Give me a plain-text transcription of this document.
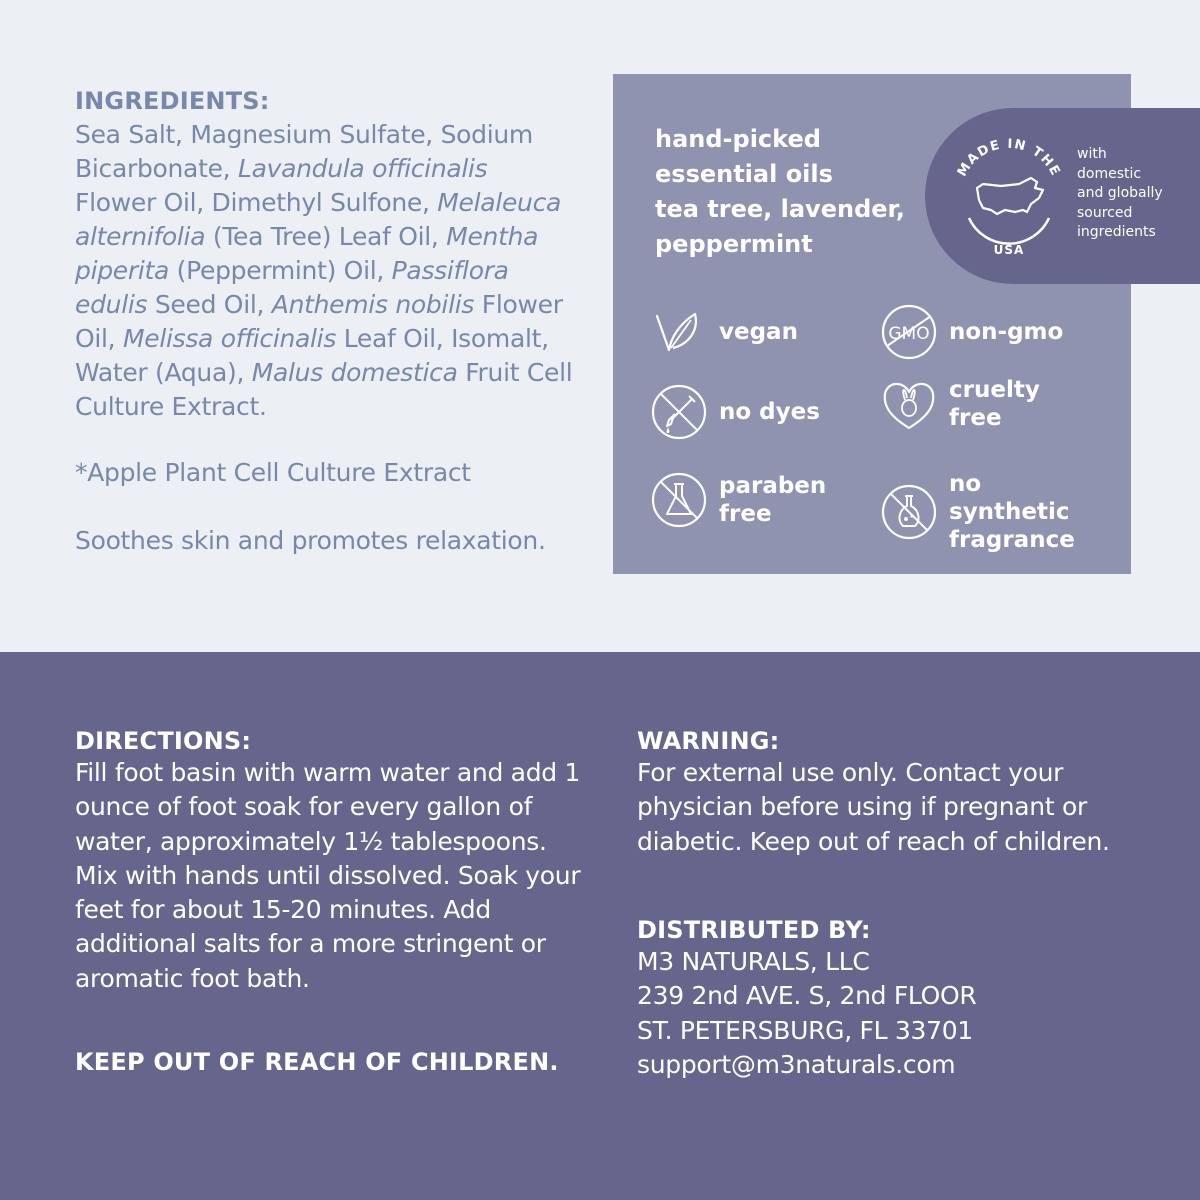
INGREDIENTS:

Sea Salt, Magnesium Sulfate, Sodium Bicarbonate, Lavandula officinalis Flower Oil, Dimethyl Sulfone, Melaleuca alternifolia (Tea Tree) Leaf Oil, Mentha piperita (Peppermint) Oil, Passiflora edulis Seed Oil, Anthemis nobilis Flower Oil, Melissa officinalis Leaf Oil, Isomalt, Water (Aqua), Malus domestica Fruit Cell Culture Extract.

*Apple Plant Cell Culture Extract
Soothes skin and promotes relaxation.
hand-picked
essential oils
tea tree, lavender,
peppermint
MADE IN THE
USA
with
domestic
and globally
sourced
ingredients
vegan	GMO non-gmo
no dyes
cruelty free
paraben free
no synthetic fragrance
DIRECTIONS:
Fill foot basin with warm water and add 1 ounce of foot soak for every gallon of water, approximately 1½ tablespoons. Mix with hands until dissolved. Soak your feet for about 15-20 minutes. Add additional salts for a more stringent or aromatic foot bath.
KEEP OUT OF REACH OF CHILDREN.
WARNING:
For external use only. Contact your physician before using if pregnant or diabetic. Keep out of reach of children.
DISTRIBUTED BY:
M3 NATURALS, LLC
239 2nd AVE. S, 2nd FLOOR
ST. PETERSBURG, FL 33701
support@m3naturals.com
